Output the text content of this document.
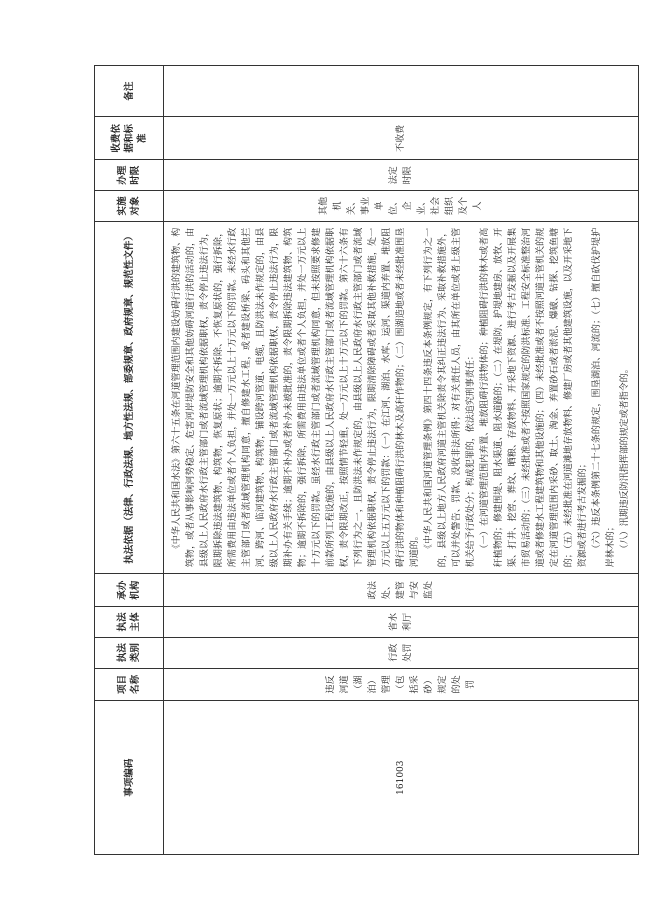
事项编码	项目名称	执法类别	执法主体	承办机构	执法依据（法律、行政法规、地方性法规、部委规章、政府规章、规范性文件）	实施对象	办理时限	收费依据和标准	备注
161003	违反河道（湖泊）管理（包括采砂）规定的处罚	行政处罚	省水利厅	政法处、建管与安监处	《中华人民共和国水法》第六十五条在河道管理范围内建设妨碍行洪的建筑物、构筑物，或者从事影响河势稳定、危害河岸堤防安全和其他妨碍河道行洪的活动的，由县级以上人民政府水行政主管部门或者流域管理机构依据职权，责令停止违法行为，限期拆除违法建筑物、构筑物，恢复原状；逾期不拆除、不恢复原状的，强行拆除，所需费用由违法单位或者个人负担，并处一万元以上十万元以下的罚款。未经水行政主管部门或者流域管理机构同意，擅自修建水工程，或者建设桥梁、码头和其他拦河、跨河、临河建筑物、构筑物，铺设跨河管道、电缆，且防洪法未作规定的，由县级以上人民政府水行政主管部门或者流域管理机构依据职权，责令停止违法行为，限期补办有关手续；逾期不补办或者补办未被批准的，责令限期拆除违法建筑物、构筑物；逾期不拆除的，强行拆除，所需费用由违法单位或者个人负担，并处一万元以上十万元以下的罚款。虽经水行政主管部门或者流域管理机构同意，但未按照要求修建前款所列工程设施的，由县级以上人民政府水行政主管部门或者流域管理机构依据职权，责令限期改正，按照情节轻重，处一万元以上十万元以下的罚款。第六十六条有下列行为之一，且防洪法未作规定的，由县级以上人民政府水行政主管部门或者流域管理机构依据职权，责令停止违法行为，限期清除障碍或者采取其他补救措施，处一万元以上五万元以下的罚款：（一）在江河、湖泊、水库、运河、渠道内弃置、堆放阻碍行洪的物体和种植阻碍行洪的林木及高秆作物的；（二）围湖造地或者未经批准围垦河道的。 《中华人民共和国河道管理条例》第四十四条违反本条例规定，有下列行为之一的，县级以上地方人民政府河道主管机关除责令其纠正违法行为、采取补救措施外，可以并处警告、罚款、没收非法所得；对有关责任人员，由其所在单位或者上级主管机关给予行政处分；构成犯罪的，依法追究刑事责任： （一）在河道管理范围内弃置、堆放阻碍行洪物体的；种植阻碍行洪的林木或者高秆植物的；修建围堤、阻水渠道、阻水道路的；（二）在堤防、护堤地建房、放牧、开渠、打井、挖窖、葬坟、晒粮、存放物料、开采地下资源、进行考古发掘以及开展集市贸易活动的；（三）未经批准或者不按照国家规定的防洪标准、工程安全标准整治河道或者修建水工程建筑物和其他设施的；（四）未经批准或者不按照河道主管机关的规定在河道管理范围内采砂、取土、淘金、弃置砂石或者淤泥、爆破、钻探、挖筑鱼塘的；（五）未经批准在河道滩地存放物料、修建厂房或者其他建筑设施，以及开采地下资源或者进行考古发掘的； （六）违反本条例第二十七条的规定，围垦湖泊、河流的；（七）擅自砍伐护堤护岸林木的； （八）汛期违反防汛指挥部的规定或者指令的。	其他机关、事业单位、企业、社会组织及个人	法定时限	不收费	
